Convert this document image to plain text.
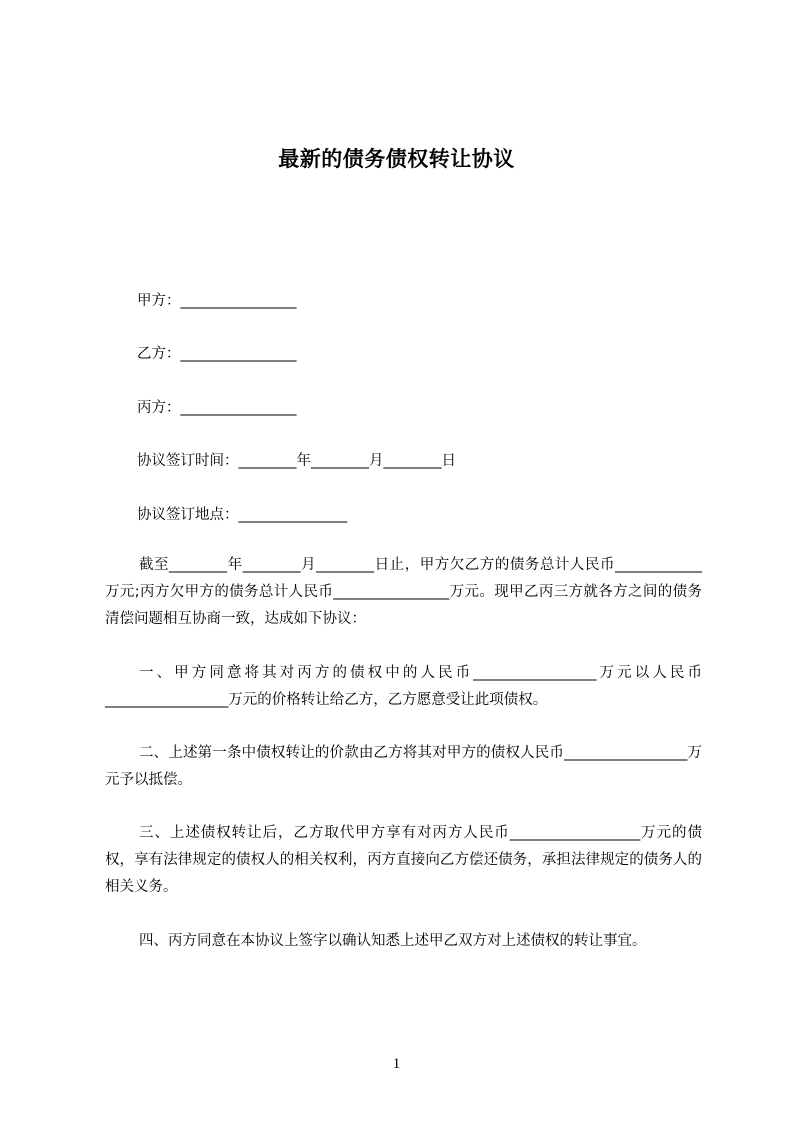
最新的债务债权转让协议
甲方：________________
乙方：________________
丙方：________________
协议签订时间：________年________月________日
协议签订地点：_______________

截至________年________月________日止，甲方欠乙方的债务总计人民币____________万元;丙方欠甲方的债务总计人民币________________万元。现甲乙丙三方就各方之间的债务清偿问题相互协商一致，达成如下协议：

一、甲方同意将其对丙方的债权中的人民币_________________万元以人民币_________________万元的价格转让给乙方，乙方愿意受让此项债权。

二、上述第一条中债权转让的价款由乙方将其对甲方的债权人民币_________________万元予以抵偿。

三、上述债权转让后，乙方取代甲方享有对丙方人民币__________________万元的债权，享有法律规定的债权人的相关权利，丙方直接向乙方偿还债务，承担法律规定的债务人的相关义务。

四、丙方同意在本协议上签字以确认知悉上述甲乙双方对上述债权的转让事宜。

1
